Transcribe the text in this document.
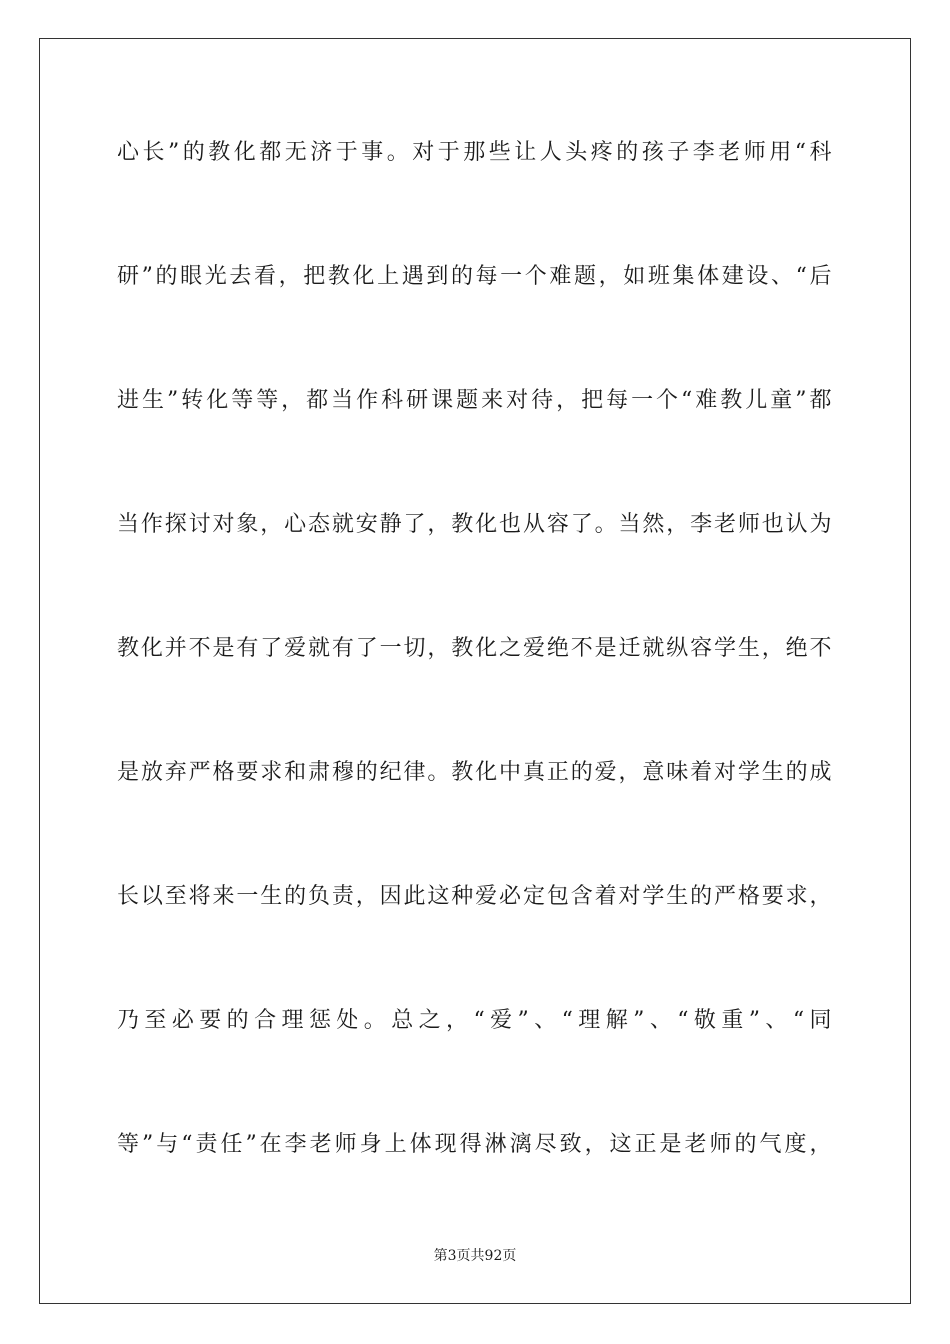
心长”的教化都无济于事。对于那些让人头疼的孩子李老师用“科
研”的眼光去看，把教化上遇到的每一个难题，如班集体建设、“后
进生”转化等等，都当作科研课题来对待，把每一个“难教儿童”都
当作探讨对象，心态就安静了，教化也从容了。当然，李老师也认为
教化并不是有了爱就有了一切，教化之爱绝不是迁就纵容学生，绝不
是放弃严格要求和肃穆的纪律。教化中真正的爱，意味着对学生的成
长以至将来一生的负责，因此这种爱必定包含着对学生的严格要求，
乃至必要的合理惩处。总之，“爱”、“理解”、“敬重”、“同
等”与“责任”在李老师身上体现得淋漓尽致，这正是老师的气度，
第3页共92页
